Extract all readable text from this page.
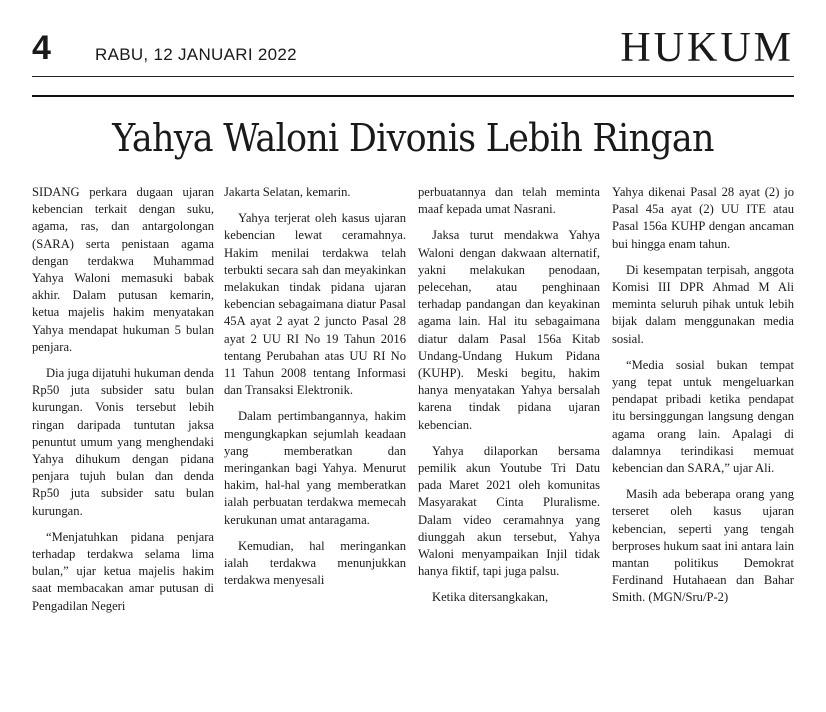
4	RABU, 12 JANUARI 2022	HUKUM
Yahya Waloni Divonis Lebih Ringan

SIDANG perkara dugaan ujaran kebencian terkait dengan suku, agama, ras, dan antargolongan (SARA) serta penistaan agama dengan terdakwa Muhammad Yahya Waloni memasuki babak akhir. Dalam putusan kemarin, ketua majelis hakim menyatakan Yahya mendapat hukuman 5 bulan penjara.

Dia juga dijatuhi hukuman denda Rp50 juta subsider satu bulan kurungan. Vonis tersebut lebih ringan daripada tuntutan jaksa penuntut umum yang menghendaki Yahya dihukum dengan pidana penjara tujuh bulan dan denda Rp50 juta subsider satu bulan kurungan.

“Menjatuhkan pidana penjara terhadap terdakwa selama lima bulan,” ujar ketua majelis hakim saat membacakan amar putusan di Pengadilan Negeri

Jakarta Selatan, kemarin.

Yahya terjerat oleh kasus ujaran kebencian lewat ceramahnya. Hakim menilai terdakwa telah terbukti secara sah dan meyakinkan melakukan tindak pidana ujaran kebencian sebagaimana diatur Pasal 45A ayat 2 ayat 2 juncto Pasal 28 ayat 2 UU RI No 19 Tahun 2016 tentang Perubahan atas UU RI No 11 Tahun 2008 tentang Informasi dan Transaksi Elektronik.

Dalam pertimbangannya, hakim mengungkapkan sejumlah keadaan yang memberatkan dan meringankan bagi Yahya. Menurut hakim, hal-hal yang memberatkan ialah perbuatan terdakwa memecah kerukunan umat antaragama.

Kemudian, hal meringankan ialah terdakwa menunjukkan terdakwa menyesali

perbuatannya dan telah meminta maaf kepada umat Nasrani.

Jaksa turut mendakwa Yahya Waloni dengan dakwaan alternatif, yakni melakukan penodaan, pelecehan, atau penghinaan terhadap pandangan dan keyakinan agama lain. Hal itu sebagaimana diatur dalam Pasal 156a Kitab Undang-Undang Hukum Pidana (KUHP). Meski begitu, hakim hanya menyatakan Yahya bersalah karena tindak pidana ujaran kebencian.

Yahya dilaporkan bersama pemilik akun Youtube Tri Datu pada Maret 2021 oleh komunitas Masyarakat Cinta Pluralisme. Dalam video ceramahnya yang diunggah akun tersebut, Yahya Waloni menyampaikan Injil tidak hanya fiktif, tapi juga palsu.

Ketika ditersangkakan,

Yahya dikenai Pasal 28 ayat (2) jo Pasal 45a ayat (2) UU ITE atau Pasal 156a KUHP dengan ancaman bui hingga enam tahun.

Di kesempatan terpisah, anggota Komisi III DPR Ahmad M Ali meminta seluruh pihak untuk lebih bijak dalam menggunakan media sosial.

“Media sosial bukan tempat yang tepat untuk mengeluarkan pendapat pribadi ketika pendapat itu bersinggungan langsung dengan agama orang lain. Apalagi di dalamnya terindikasi memuat kebencian dan SARA,” ujar Ali.

Masih ada beberapa orang yang terseret oleh kasus ujaran kebencian, seperti yang tengah berproses hukum saat ini antara lain mantan politikus Demokrat Ferdinand Hutahaean dan Bahar Smith. (MGN/Sru/P-2)
